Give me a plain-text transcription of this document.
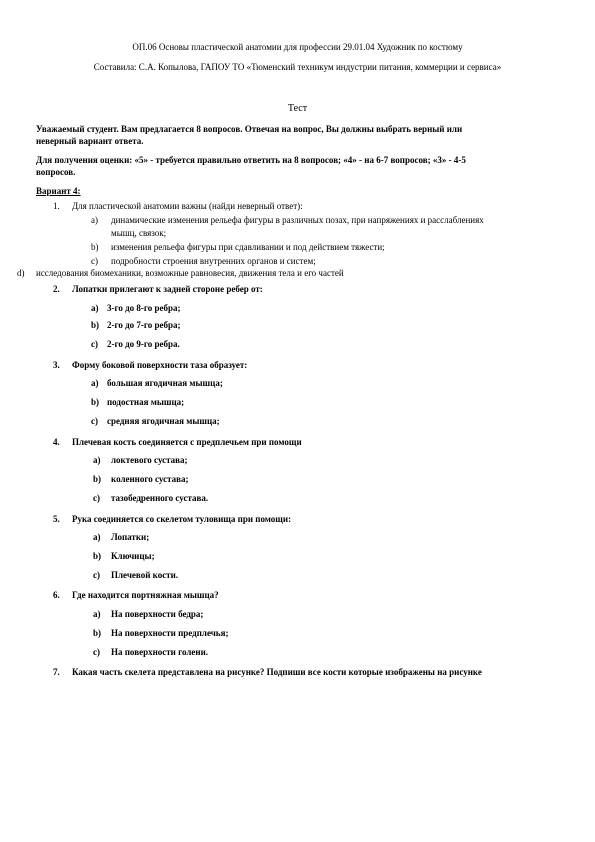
ОП.06 Основы пластической анатомии для профессии 29.01.04 Художник по костюму
Составила: С.А. Копылова, ГАПОУ ТО «Тюменский техникум индустрии питания, коммерции и сервиса»
Тест
Уважаемый студент. Вам предлагается 8 вопросов. Отвечая на вопрос, Вы должны выбрать верный или
неверный вариант ответа.
Для получения оценки: «5» - требуется правильно ответить на 8 вопросов; «4» - на 6-7 вопросов; «3» - 4-5
вопросов.
Вариант 4:
1. Для пластической анатомии важны (найди неверный ответ):
a) динамические изменения рельефа фигуры в различных позах, при напряжениях и расслаблениях
мышц, связок;
b) изменения рельефа фигуры при сдавливании и под действием тяжести;
c) подробности строения внутренних органов и систем;
d) исследования биомеханики, возможные равновесия, движения тела и его частей
2. Лопатки прилегают к задней стороне ребер от:
a) 3-го до 8-го ребра;
b) 2-го до 7-го ребра;
c) 2-го до 9-го ребра.
3. Форму боковой поверхности таза образует:
a) большая ягодичная мышца;
b) подостная мышца;
c) средняя ягодичная мышца;
4. Плечевая кость соединяется с предплечьем при помощи
a) локтевого сустава;
b) коленного сустава;
c) тазобедренного сустава.
5. Рука соединяется со скелетом туловища при помощи:
a) Лопатки;
b) Ключицы;
c) Плечевой кости.
6. Где находится портняжная мышца?
a) На поверхности бедра;
b) На поверхности предплечья;
c) На поверхности голени.
7. Какая часть скелета представлена на рисунке? Подпиши все кости которые изображены на рисунке
